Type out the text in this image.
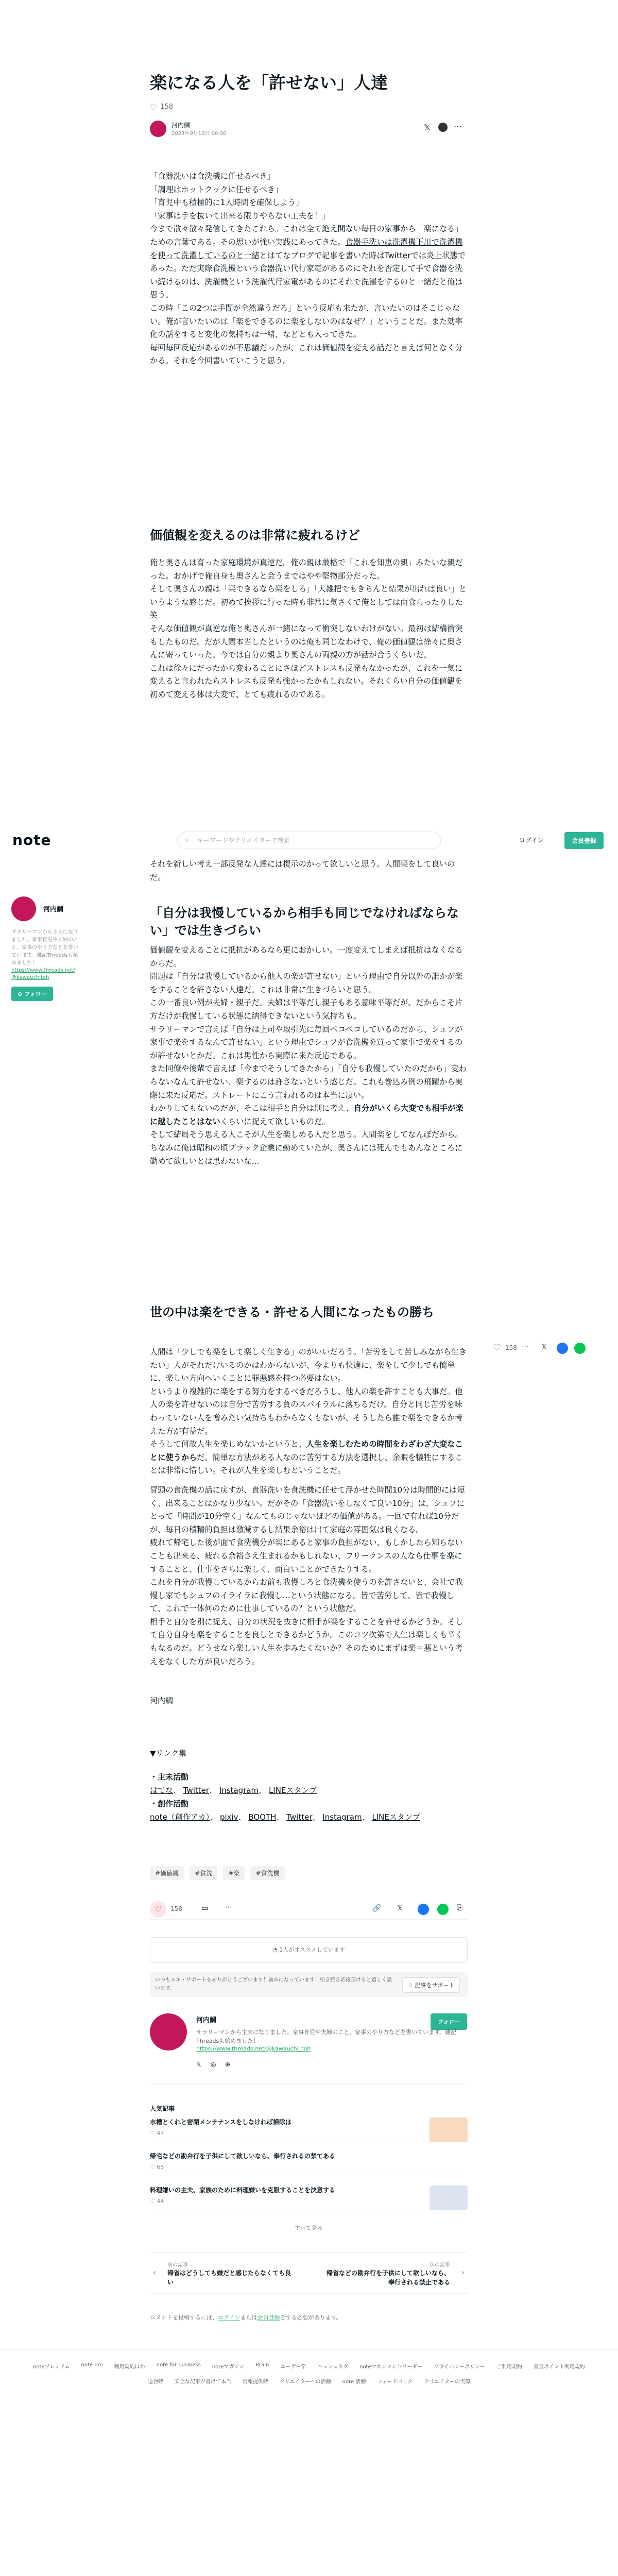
楽になる人を「許せない」人達
♡ 158
河内鯛
2023年9月13日 00:00
𝕏	⋯

「食器洗いは食洗機に任せるべき」

「調理はホットクックに任せるべき」

「育児中も積極的に1人時間を確保しよう」

「家事は手を抜いて出来る限りやらない工夫を！」

今まで散々散々発信してきたこれら。これは全て絶え間ない毎日の家事から「楽になる」ための言葉である。その思いが強い実践にあってきた。食器手洗いは洗濯機下川で洗濯機を使って洗濯しているのと一緒とはてなブログで記事を書いた時はTwitterでは炎上状態であった。ただ実際食洗機という食器洗い代行家電があるのにそれを否定して手で食器を洗い続けるのは、洗濯機という洗濯代行家電があるのにそれで洗濯をするのと一緒だと俺は思う。

この時「この2つは手間が全然違うだろ」という反応も来たが、言いたいのはそこじゃない。俺が言いたいのは「楽をできるのに楽をしないのはなぜ？」ということだ。また効率化の話をすると変化の気持ちは一緒、などとも入ってきた。

毎回毎回反応があるのが不思議だったが、これは価値観を変える話だと言えば何となく分かる。それを今回書いていこうと思う。

価値観を変えるのは非常に疲れるけど

俺と奥さんは育った家庭環境が真逆だ。俺の親は厳格で「これを知恵の親」みたいな親だった。おかげで俺自身も奥さんと会うまではやや堅物部分だった。

そして奥さんの親は「楽できるなら楽をしろ」「大雑把でもきちんと結果が出れば良い」というような感じだ。初めて挨拶に行った時も非常に気さくで俺としては面食らったりした笑

そんな価値観が真逆な俺と奥さんが一緒になって衝突しないわけがない。最初は結構衝突もしたものだ。だが人間本当したというのは俺も同じなわけで、俺の価値観は徐々に奥さんに寄っていった。今では自分の親より奥さんの両親の方が話が合うくらいだ。

これは徐々にだったから変わることにさほどストレスも反発もなかったが、これを一気に変えると言われたらストレスも反発も強かったかもしれない。それくらい自分の価値観を初めて変える体は大変で、とても疲れるのである。

note	⌕ キーワードやクリエイターで検索	ログイン	会員登録
河内鯛
サラリーマンから主夫になりました。家事育児や夫婦のこと、家事のやり方などを書いています。雑記Threadsも始めました！
https://www.threads.net/@kawauchitoh
⊕ フォロー

それを新しい考え一部反発な人達には提示のかって欲しいと思う。人間楽をして良いのだ。

「自分は我慢しているから相手も同じでなければならない」では生きづらい

価値観を変えることに抵抗があるなら更におかしい。一度変えてしまえば抵抗はなくなるからだ。

問題は「自分は我慢しているから他人の楽が許せない」という理由で自分以外の誰かが楽をすることを許さない人達だ。これは非常に生きづらいと思う。

この一番良い例が夫婦・親子だ。夫婦は平等だし親子もある意味平等だが、だからこそ片方だけが我慢している状態に納得できないという気持ちも。

サラリーマンで言えば「自分は上司や取引先に毎回ペコペコしているのだから、シュフが家事で楽をするなんて許せない」という理由でシュフが食洗機を買って家事で楽をするのが許せないとかだ。これは男性から実際に来た反応である。

また同僚や後輩で言えば「今までそうしてきたから」「自分も我慢していたのだから」変わらないなんて許せない、楽するのは許さないという感じだ。これも巻込み例の飛躍から実際に来た反応だ。ストレートにこう言われるのは本当に凄い。

わかりしてもないのだが、そこは相手と自分は別に考え、自分がいくら大変でも相手が楽に越したことはないくらいに捉えて欲しいものだ。

そして結局そう思える人こそが人生を楽しめる人だと思う。人間楽をしてなんぼだから。ちなみに俺は昭和の頃ブラック企業に勤めていたが、奥さんには死んでもあんなところに勤めて欲しいとは思わないな…

世の中は楽をできる・許せる人間になったもの勝ち
♡ 158	𝕏
⋯

人間は「少しでも楽をして楽しく生きる」のがいいだろう。「苦労をして苦しみながら生きたい」人がそれだけいるのかはわからないが、今よりも快適に、楽をして少しでも簡単に、楽しい方向へいくことに罪悪感を持つ必要はない。

というより複雑的に楽をする努力をするべきだろうし、他人の楽を許すことも大事だ。他人の楽を許せないのは自分で苦労する負のスパイラルに落ちるだけ。自分と同じ苦労を味わっていない人を憎みたい気持ちもわからなくもないが、そうしたら誰で楽をできるか考えた方が有益だ。

そうして何故人生を楽しめないかというと、人生を楽しむための時間をわざわざ大変なことに使うからだ。簡単な方法がある人なのに苦労する方法を選択し、余暇を犠牲にすることは非常に惜しい。それが人生を楽しむということだ。

冒頭の食洗機の話に戻すが、食器洗いを食洗機に任せて浮かせた時間10分は時間的には短く、出来ることはかなり少ない。だがその「食器洗いをしなくて良い10分」は、シュフにとって「時間が10分空く」なんてものじゃないほどの価値がある。一回で有れば10分だが、毎日の積精的負担は激減するし結果余裕は出て家庭の雰囲気は良くなる。

疲れて帰宅した後が面で食洗機分が楽にあると家事の負担がない、もしかしたら知らないことも出来る、疲れる余裕さえ生まれるかもしれない、フリーランスの人なら仕事を楽にすることと、仕事をさらに楽しく、面白いことができたりする。

これを自分が我慢しているからお前も我慢しろと食洗機を使うのを許さないと、会社で我慢し家でもシュフのイライラに我慢し…という状態になる。皆で苦労して、皆で我慢して、これで一体何のために仕事しているの？という状態だ。

相手と自分を別に捉え、自分の状況を抜きに相手が楽をすることを許せるかどうか。そして自分自身も楽をすることを良しとできるかどうか。このコツ次第で人生は楽しくも辛くもなるのだ。どうせなら楽しい人生を歩みたくないか？そのためにまずは楽＝悪という考えをなくした方が良いだろう。

河内鯛
▼リンク集
・主未活動
はてな、 Twitter、 Instagram、 LINEスタンプ
・創作活動
note（創作アカ）、 pixiv、 BOOTH、 Twitter、 Instagram、 LINEスタンプ
#価値観	#食洗	#楽	#食洗機
♡	158	▭ ⋯	🔗 𝕏	⎘
◔ 1人がオススメしています
いつもスキ・サポートをありがとうございます！励みになっています！引き続き応援頂けると嬉しく思います。	♢ 記事をサポート
河内鯛	フォロー
サラリーマンから主夫になりました。家事育児や夫婦のこと、家事のやり方などを書いています。雑記Threadsも始めました！
https://www.threads.net/@kawauchi_toh
𝕏 ◎ ⊕
人気記事
水槽とくれと密閉メンテナンスをしなければ掃除は
♡ 47
帰宅などの勘弁行を子供にして欲しいなら、奉行されるの禁てある
♡ 65
料理嫌いの主夫、家族のために料理嫌いを克服することを決意する
♡ 44
すべて見る
‹
前の記事
帰省はどうしても嫌だと感じたらなくても良い
次の記事
帰省などの勘弁行を子供にして欲しいなら、奉行される禁止である
›
コメントを投稿するには、ログインまたは会員登録をする必要があります。
noteプレミアム note pro 利用規約ほか note for business noteマガジン Brain ユーザー学 ハッシュタグ noteマネジメントリーダー プライバシーポリシー ご利用規約 審査ポイント利用規約
退会時 安全な記事が書けて本当 情報提供時 クリエイターへの活動 note 活動 フィードバック クリエイターの実際
